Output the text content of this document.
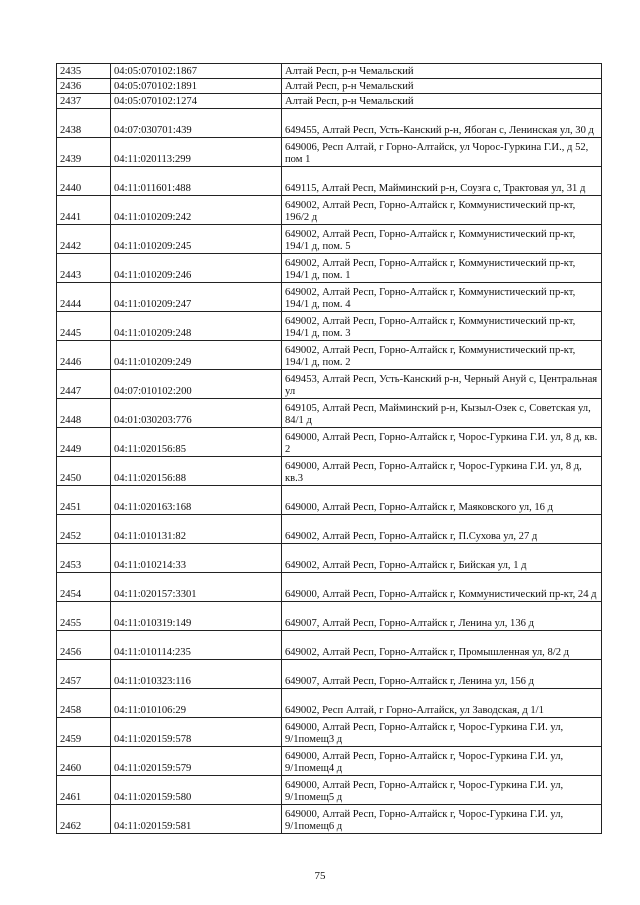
2435	04:05:070102:1867	Алтай Респ, р-н Чемальский
2436	04:05:070102:1891	Алтай Респ, р-н Чемальский
2437	04:05:070102:1274	Алтай Респ, р-н Чемальский
2438	04:07:030701:439	649455, Алтай Респ, Усть-Канский р-н, Ябоган с, Ленинская ул, 30 д
2439	04:11:020113:299	649006, Респ Алтай, г Горно-Алтайск, ул Чорос-Гуркина Г.И., д 52, пом 1
2440	04:11:011601:488	649115, Алтай Респ, Майминский р-н, Соузга с, Трактовая ул, 31 д
2441	04:11:010209:242	649002, Алтай Респ, Горно-Алтайск г, Коммунистический пр-кт, 196/2 д
2442	04:11:010209:245	649002, Алтай Респ, Горно-Алтайск г, Коммунистический пр-кт, 194/1 д, пом. 5
2443	04:11:010209:246	649002, Алтай Респ, Горно-Алтайск г, Коммунистический пр-кт, 194/1 д, пом. 1
2444	04:11:010209:247	649002, Алтай Респ, Горно-Алтайск г, Коммунистический пр-кт, 194/1 д, пом. 4
2445	04:11:010209:248	649002, Алтай Респ, Горно-Алтайск г, Коммунистический пр-кт, 194/1 д, пом. 3
2446	04:11:010209:249	649002, Алтай Респ, Горно-Алтайск г, Коммунистический пр-кт, 194/1 д, пом. 2
2447	04:07:010102:200	649453, Алтай Респ, Усть-Канский р-н, Черный Ануй с, Центральная ул
2448	04:01:030203:776	649105, Алтай Респ, Майминский р-н, Кызыл-Озек с, Советская ул, 84/1 д
2449	04:11:020156:85	649000, Алтай Респ, Горно-Алтайск г, Чорос-Гуркина Г.И. ул, 8 д, кв. 2
2450	04:11:020156:88	649000, Алтай Респ, Горно-Алтайск г, Чорос-Гуркина Г.И. ул, 8 д, кв.3
2451	04:11:020163:168	649000, Алтай Респ, Горно-Алтайск г, Маяковского ул, 16 д
2452	04:11:010131:82	649002, Алтай Респ, Горно-Алтайск г, П.Сухова ул, 27 д
2453	04:11:010214:33	649002, Алтай Респ, Горно-Алтайск г, Бийская ул, 1 д
2454	04:11:020157:3301	649000, Алтай Респ, Горно-Алтайск г, Коммунистический пр-кт, 24 д
2455	04:11:010319:149	649007, Алтай Респ, Горно-Алтайск г, Ленина ул, 136 д
2456	04:11:010114:235	649002, Алтай Респ, Горно-Алтайск г, Промышленная ул, 8/2 д
2457	04:11:010323:116	649007, Алтай Респ, Горно-Алтайск г, Ленина ул, 156 д
2458	04:11:010106:29	649002, Респ Алтай, г Горно-Алтайск, ул Заводская, д 1/1
2459	04:11:020159:578	649000, Алтай Респ, Горно-Алтайск г, Чорос-Гуркина Г.И. ул, 9/1помещ3 д
2460	04:11:020159:579	649000, Алтай Респ, Горно-Алтайск г, Чорос-Гуркина Г.И. ул, 9/1помещ4 д
2461	04:11:020159:580	649000, Алтай Респ, Горно-Алтайск г, Чорос-Гуркина Г.И. ул, 9/1помещ5 д
2462	04:11:020159:581	649000, Алтай Респ, Горно-Алтайск г, Чорос-Гуркина Г.И. ул, 9/1помещ6 д
75
